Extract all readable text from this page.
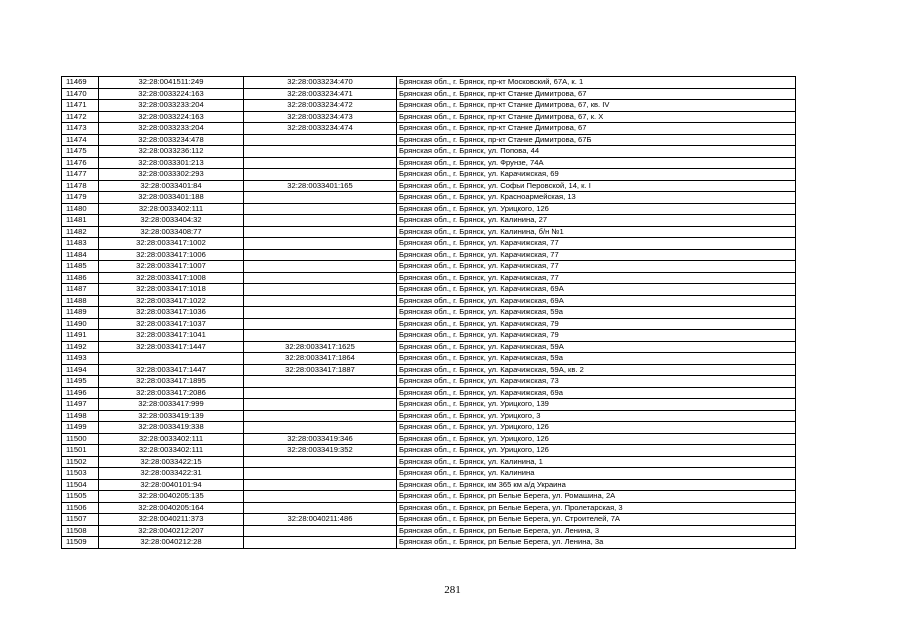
11469	32:28:0041511:249	32:28:0033234:470	Брянская обл., г. Брянск, пр-кт Московский, 67А, к. 1
11470	32:28:0033224:163	32:28:0033234:471	Брянская обл., г. Брянск, пр-кт Станке Димитрова, 67
11471	32:28:0033233:204	32:28:0033234:472	Брянская обл., г. Брянск, пр-кт Станке Димитрова, 67, кв. IV
11472	32:28:0033224:163	32:28:0033234:473	Брянская обл., г. Брянск, пр-кт Станке Димитрова, 67, к. Х
11473	32:28:0033233:204	32:28:0033234:474	Брянская обл., г. Брянск, пр-кт Станке Димитрова, 67
11474	32:28:0033234:478		Брянская обл., г. Брянск, пр-кт Станке Димитрова, 67Б
11475	32:28:0033236:112		Брянская обл., г. Брянск, ул. Попова, 44
11476	32:28:0033301:213		Брянская обл., г. Брянск, ул. Фрунзе, 74А
11477	32:28:0033302:293		Брянская обл., г. Брянск, ул. Карачижская, 69
11478	32:28:0033401:84	32:28:0033401:165	Брянская обл., г. Брянск, ул. Софьи Перовской, 14, к. I
11479	32:28:0033401:188		Брянская обл., г. Брянск, ул. Красноармейская, 13
11480	32:28:0033402:111		Брянская обл., г. Брянск, ул. Урицкого, 126
11481	32:28:0033404:32		Брянская обл., г. Брянск, ул. Калинина, 27
11482	32:28:0033408:77		Брянская обл., г. Брянск, ул. Калинина, б/н №1
11483	32:28:0033417:1002		Брянская обл., г. Брянск, ул. Карачижская, 77
11484	32:28:0033417:1006		Брянская обл., г. Брянск, ул. Карачижская, 77
11485	32:28:0033417:1007		Брянская обл., г. Брянск, ул. Карачижская, 77
11486	32:28:0033417:1008		Брянская обл., г. Брянск, ул. Карачижская, 77
11487	32:28:0033417:1018		Брянская обл., г. Брянск, ул. Карачижская, 69А
11488	32:28:0033417:1022		Брянская обл., г. Брянск, ул. Карачижская, 69А
11489	32:28:0033417:1036		Брянская обл., г. Брянск, ул. Карачижская, 59а
11490	32:28:0033417:1037		Брянская обл., г. Брянск, ул. Карачижская, 79
11491	32:28:0033417:1041		Брянская обл., г. Брянск, ул. Карачижская, 79
11492	32:28:0033417:1447	32:28:0033417:1625	Брянская обл., г. Брянск, ул. Карачижская, 59А
11493		32:28:0033417:1864	Брянская обл., г. Брянск, ул. Карачижская, 59а
11494	32:28:0033417:1447	32:28:0033417:1887	Брянская обл., г. Брянск, ул. Карачижская, 59А, кв. 2
11495	32:28:0033417:1895		Брянская обл., г. Брянск, ул. Карачижская, 73
11496	32:28:0033417:2086		Брянская обл., г. Брянск, ул. Карачижская, 69а
11497	32:28:0033417:999		Брянская обл., г. Брянск, ул. Урицкого, 139
11498	32:28:0033419:139		Брянская обл., г. Брянск, ул. Урицкого, 3
11499	32:28:0033419:338		Брянская обл., г. Брянск, ул. Урицкого, 126
11500	32:28:0033402:111	32:28:0033419:346	Брянская обл., г. Брянск, ул. Урицкого, 126
11501	32:28:0033402:111	32:28:0033419:352	Брянская обл., г. Брянск, ул. Урицкого, 126
11502	32:28:0033422:15		Брянская обл., г. Брянск, ул. Калинина, 1
11503	32:28:0033422:31		Брянская обл., г. Брянск, ул. Калинина
11504	32:28:0040101:94		Брянская обл., г. Брянск, км 365 км а/д Украина
11505	32:28:0040205:135		Брянская обл., г. Брянск, рп Белые Берега, ул. Ромашина, 2А
11506	32:28:0040205:164		Брянская обл., г. Брянск, рп Белые Берега, ул. Пролетарская, 3
11507	32:28:0040211:373	32:28:0040211:486	Брянская обл., г. Брянск, рп Белые Берега, ул. Строителей, 7А
11508	32:28:0040212:207		Брянская обл., г. Брянск, рп Белые Берега, ул. Ленина, 3
11509	32:28:0040212:28		Брянская обл., г. Брянск, рп Белые Берега, ул. Ленина, 3а
281
